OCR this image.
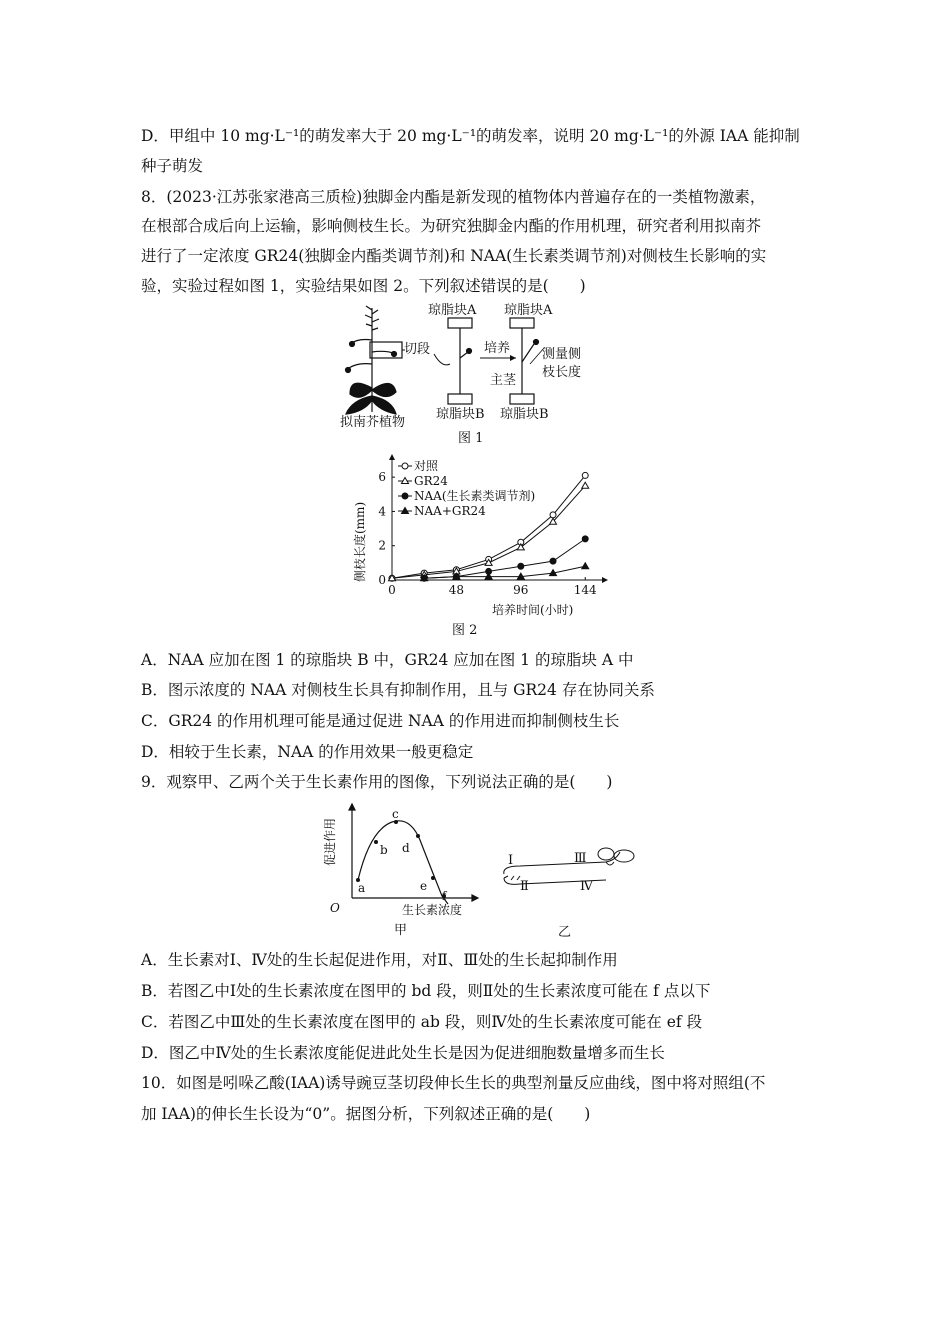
D．甲组中 10 mg·L⁻¹的萌发率大于 20 mg·L⁻¹的萌发率，说明 20 mg·L⁻¹的外源 IAA 能抑制
种子萌发
8．(2023·江苏张家港高三质检)独脚金内酯是新发现的植物体内普遍存在的一类植物激素，
在根部合成后向上运输，影响侧枝生长。为研究独脚金内酯的作用机理，研究者利用拟南芥
进行了一定浓度 GR24(独脚金内酯类调节剂)和 NAA(生长素类调节剂)对侧枝生长影响的实
验，实验过程如图 1，实验结果如图 2。下列叙述错误的是(　　)
拟南芥植物
切段
琼脂块A
琼脂块B
培养
琼脂块A
琼脂块B
主茎
测量侧
枝长度
图 1
0	48	96	144
0
2
4
6
对照
GR24
NAA(生长素类调节剂)
NAA+GR24
培养时间(小时)
侧枝长度(mm)
图 2
A．NAA 应加在图 1 的琼脂块 B 中，GR24 应加在图 1 的琼脂块 A 中
B．图示浓度的 NAA 对侧枝生长具有抑制作用，且与 GR24 存在协同关系
C．GR24 的作用机理可能是通过促进 NAA 的作用进而抑制侧枝生长
D．相较于生长素，NAA 的作用效果一般更稳定
9．观察甲、乙两个关于生长素作用的图像，下列说法正确的是(　　)
a
b
c
d
e
f
促进作用
O	生长素浓度
甲
Ⅰ
Ⅱ
Ⅲ
Ⅳ
乙
A．生长素对Ⅰ、Ⅳ处的生长起促进作用，对Ⅱ、Ⅲ处的生长起抑制作用
B．若图乙中Ⅰ处的生长素浓度在图甲的 bd 段，则Ⅱ处的生长素浓度可能在 f 点以下
C．若图乙中Ⅲ处的生长素浓度在图甲的 ab 段，则Ⅳ处的生长素浓度可能在 ef 段
D．图乙中Ⅳ处的生长素浓度能促进此处生长是因为促进细胞数量增多而生长
10．如图是吲哚乙酸(IAA)诱导豌豆茎切段伸长生长的典型剂量反应曲线，图中将对照组(不
加 IAA)的伸长生长设为“0”。据图分析，下列叙述正确的是(　　)
